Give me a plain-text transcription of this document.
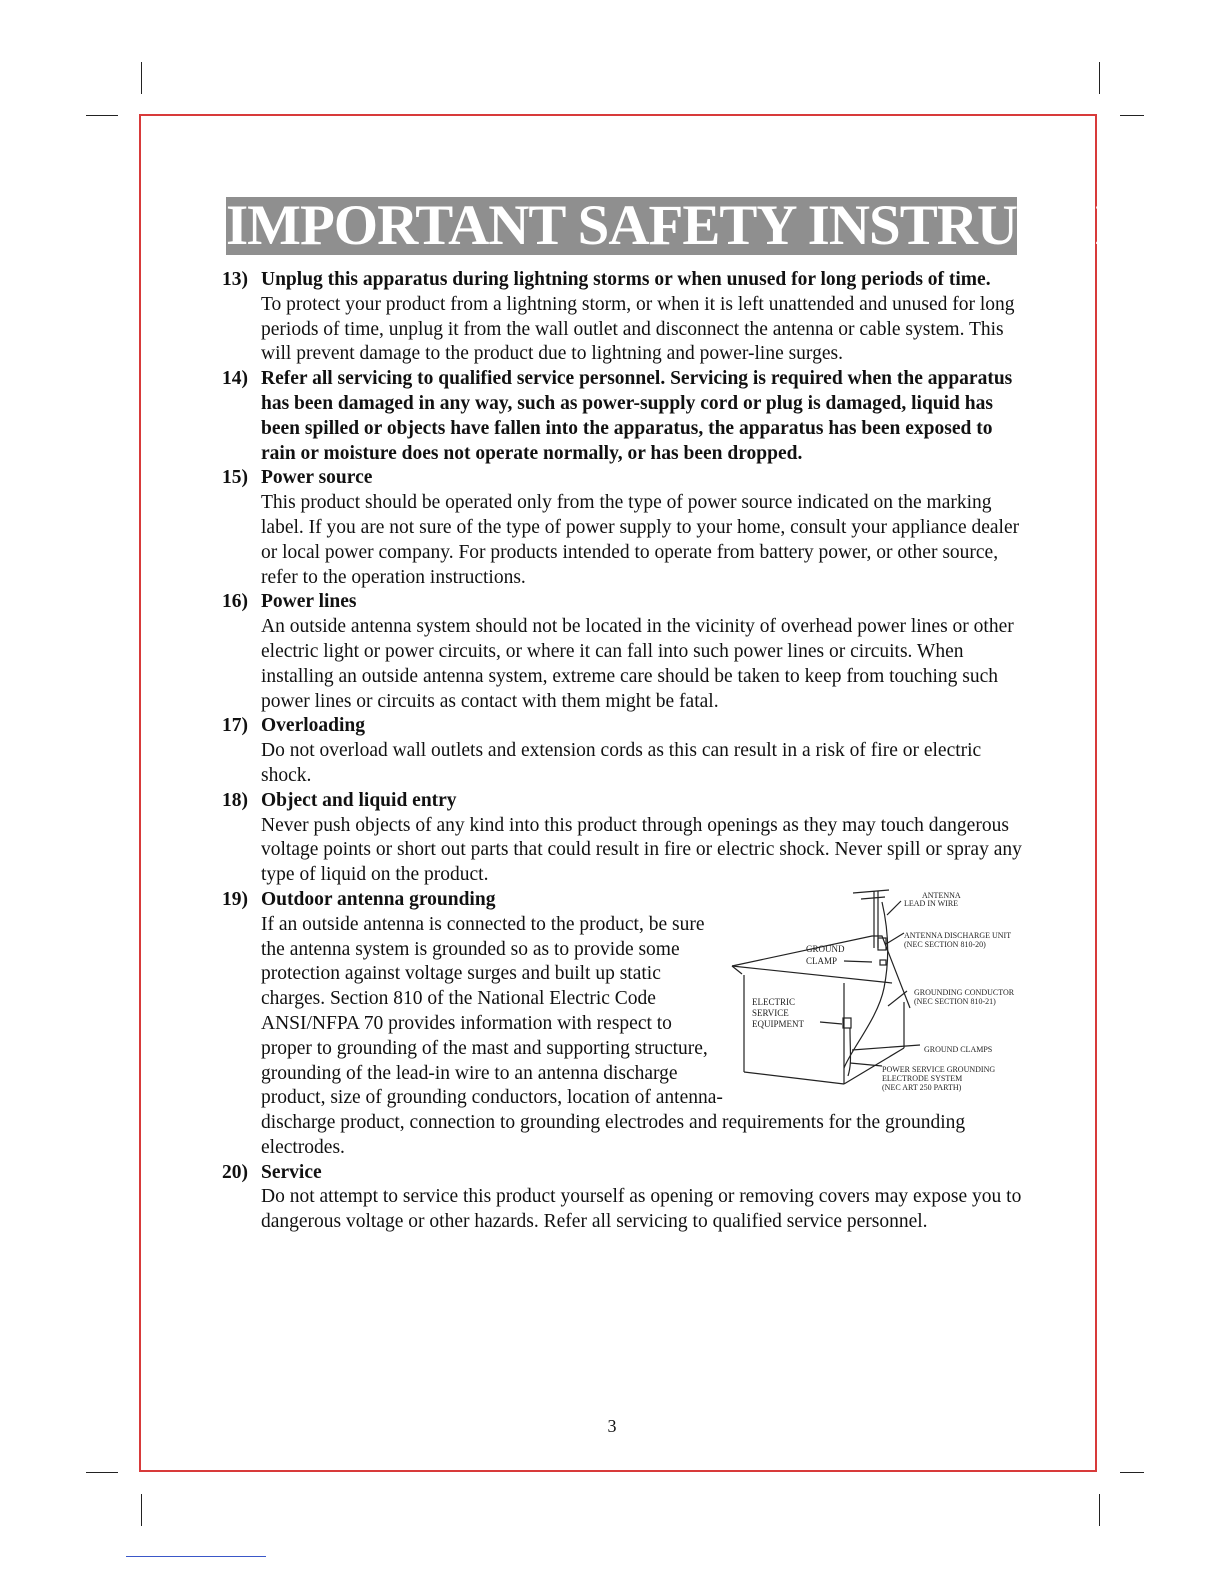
IMPORTANT SAFETY INSTRUCTION
13) Unplug this apparatus during lightning storms or when unused for long periods of time.
To protect your product from a lightning storm, or when it is left unattended and unused for long periods of time, unplug it from the wall outlet and disconnect the antenna or cable system. This will prevent damage to the product due to lightning and power-line surges.
14) Refer all servicing to qualified service personnel. Servicing is required when the apparatus has been damaged in any way, such as power-supply cord or plug is damaged, liquid has been spilled or objects have fallen into the apparatus, the apparatus has been exposed to rain or moisture does not operate normally, or has been dropped.
15) Power source
This product should be operated only from the type of power source indicated on the marking label. If you are not sure of the type of power supply to your home, consult your appliance dealer or local power company. For products intended to operate from battery power, or other source, refer to the operation instructions.
16) Power lines
An outside antenna system should not be located in the vicinity of overhead power lines or other electric light or power circuits, or where it can fall into such power lines or circuits. When installing an outside antenna system, extreme care should be taken to keep from touching such power lines or circuits as contact with them might be fatal.
17) Overloading
Do not overload wall outlets and extension cords as this can result in a risk of fire or electric shock.
18) Object and liquid entry
Never push objects of any kind into this product through openings as they may touch dangerous voltage points or short out parts that could result in fire or electric shock. Never spill or spray any type of liquid on the product.
19)	ANTENNA
LEAD IN WIRE
ANTENNA DISCHARGE UNIT
(NEC SECTION 810-20)
GROUND
CLAMP
GROUNDING CONDUCTOR
(NEC SECTION 810-21)
ELECTRIC
SERVICE
EQUIPMENT
GROUND CLAMPS
POWER SERVICE GROUNDING
ELECTRODE SYSTEM
(NEC ART 250 PARTH)
Outdoor antenna grounding
If an outside antenna is connected to the product, be sure the antenna system is grounded so as to provide some protection against voltage surges and built up static charges. Section 810 of the National Electric Code ANSI/NFPA 70 provides information with respect to proper to grounding of the mast and supporting structure, grounding of the lead-in wire to an antenna discharge product, size of grounding conductors, location of antenna-discharge product, connection to grounding electrodes and requirements for the grounding electrodes.
20) Service
Do not attempt to service this product yourself as opening or removing covers may expose you to dangerous voltage or other hazards. Refer all servicing to qualified service personnel.
3
